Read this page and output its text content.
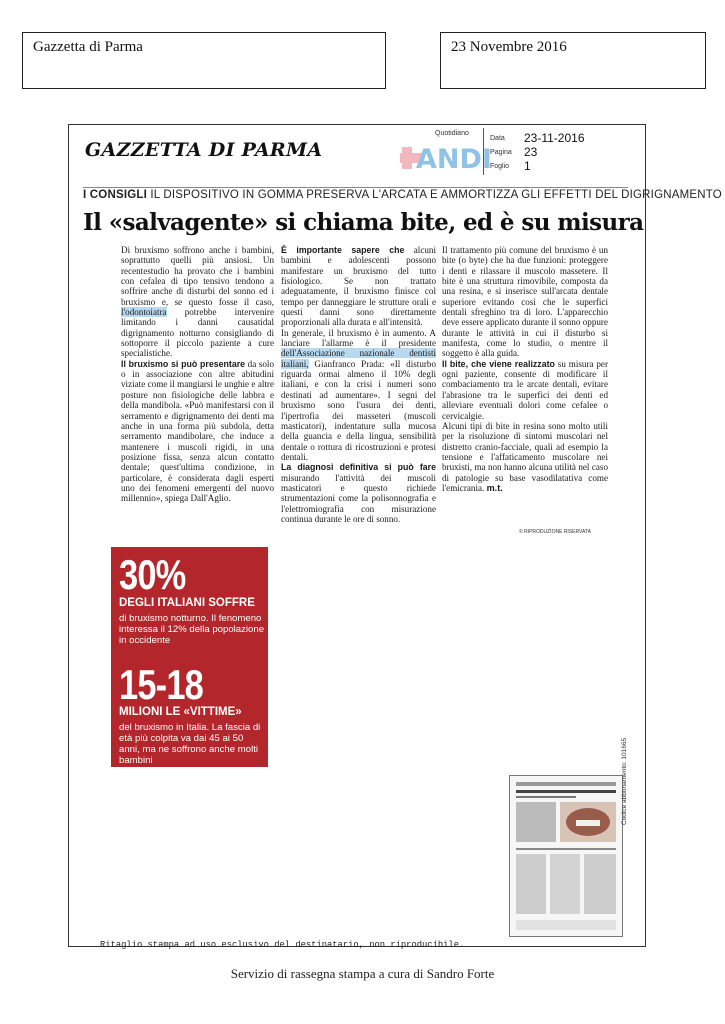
Gazzetta di Parma	23 Novembre 2016
GAZZETTA DI PARMA
Quotidiano
ANDI
Data 23-11-2016
Pagina 23
Foglio 1
I CONSIGLI IL DISPOSITIVO IN GOMMA PRESERVA L'ARCATA E AMMORTIZZA GLI EFFETTI DEL DIGRIGNAMENTO
Il «salvagente» si chiama bite, ed è su misura

Di bruxismo soffrono anche i bambini, soprattutto quelli più ansiosi. Un recentestudio ha provato che i bambini con cefalea di tipo tensivo tendono a soffrire anche di disturbi del sonno ed i bruxismo e, se questo fosse il caso, l'odontoiatra potrebbe intervenire limitando i danni causatidal digrignamento notturno consigliando di sottoporre il piccolo paziente a cure specialistiche.

Il bruxismo si può presentare da solo o in associazione con altre abitudini viziate come il mangiarsi le unghie e altre posture non fisiologiche delle labbra e della mandibola. «Può manifestarsi con il serramento e digrignamento dei denti ma anche in una forma più subdola, detta serramento mandibolare, che induce a mantenere i muscoli rigidi, in una posizione fissa, senza alcun contatto dentale; quest'ultima condizione, in particolare, è considerata dagli esperti uno dei fenomeni emergenti del nuovo millennio», spiega Dall'Aglio.

È importante sapere che alcuni bambini e adolescenti possono manifestare un bruxismo del tutto fisiologico. Se non trattato adeguatamente, il bruxismo finisce col tempo per danneggiare le strutture orali e questi danni sono direttamente proporzionali alla durata e all'intensità.

In generale, il bruxismo è in aumento. A lanciare l'allarme è il presidente dell'Associazione nazionale dentisti italiani, Gianfranco Prada: «Il disturbo riguarda ormai almeno il 10% degli italiani, e con la crisi i numeri sono destinati ad aumentare». I segni del bruxismo sono l'usura dei denti, l'ipertrofia dei masseteri (muscoli masticatori), indentature sulla mucosa della guancia e della lingua, sensibilità dentale o rottura di ricostruzioni e protesi dentali.

La diagnosi definitiva si può fare misurando l'attività dei muscoli masticatori e questo richiede strumentazioni come la polisonnografia e l'elettromiografia con misurazione continua durante le ore di sonno.

Il trattamento più comune del bruxismo è un bite (o byte) che ha due funzioni: proteggere i denti e rilassare il muscolo massetere. Il bite è una struttura rimovibile, composta da una resina, e si inserisce sull'arcata dentale superiore evitando così che le superfici dentali sfreghino tra di loro. L'apparecchio deve essere applicato durante il sonno oppure durante le attività in cui il disturbo si manifesta, come lo studio, o mentre il soggetto è alla guida.

Il bite, che viene realizzato su misura per ogni paziente, consente di modificare il combaciamento tra le arcate dentali, evitare l'abrasione tra le superfici dei denti ed alleviare eventuali dolori come cefalee o cervicalgie.

Alcuni tipi di bite in resina sono molto utili per la risoluzione di sintomi muscolari nel distretto cranio-facciale, quali ad esempio la tensione e l'affaticamento muscolare nei bruxisti, ma non hanno alcuna utilità nel caso di patologie su base vasodilatativa come l'emicrania. m.t.

© RIPRODUZIONE RISERVATA
30%
DEGLI ITALIANI SOFFRE
di bruxismo notturno. Il fenomeno interessa il 12% della popolazione in occidente
15-18
MILIONI LE «VITTIME»
del bruxismo in Italia. La fascia di età più colpita va dai 45 ai 50 anni, ma ne soffrono anche molti bambini	Codice abbonamento: 101665
Ritaglio stampa ad uso esclusivo del destinatario, non riproducibile.
Servizio di rassegna stampa a cura di Sandro Forte
